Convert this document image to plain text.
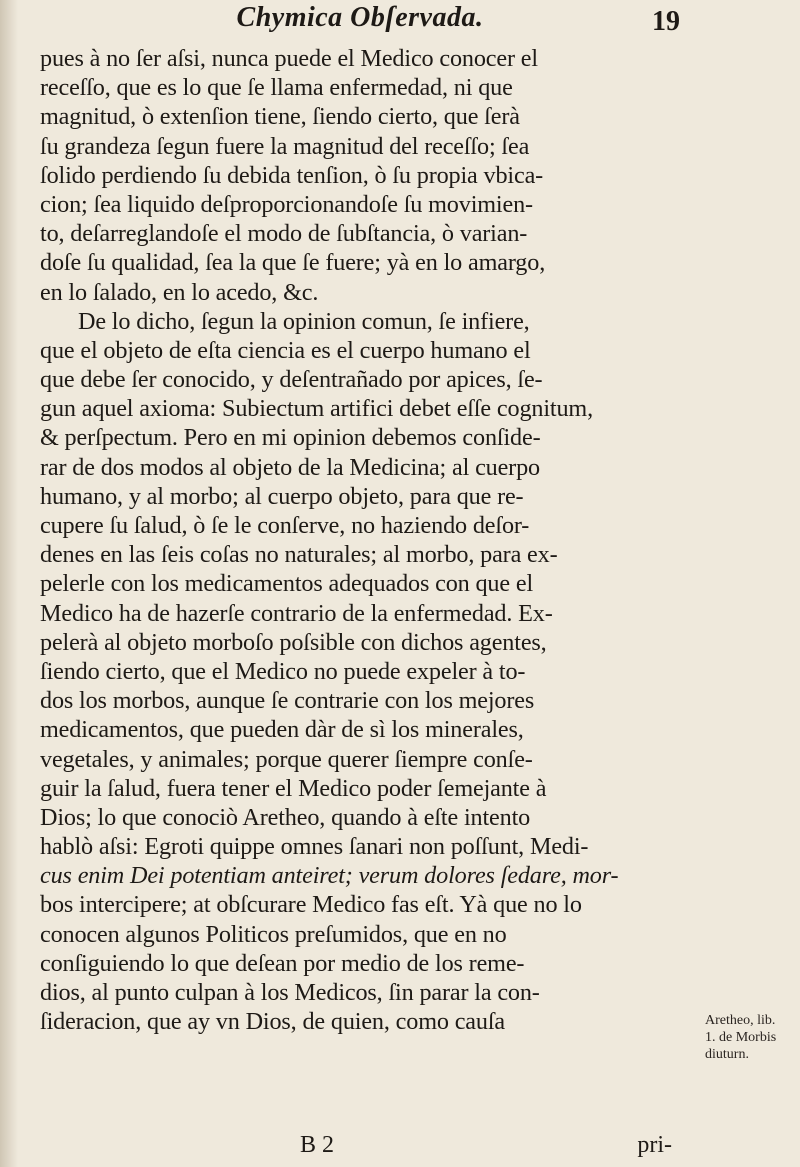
Chymica Obſervada.	19
pues à no ſer aſsi, nunca puede el Medico conocer el
receſſo, que es lo que ſe llama enfermedad, ni que
magnitud, ò extenſion tiene, ſiendo cierto, que ſerà
ſu grandeza ſegun fuere la magnitud del receſſo; ſea
ſolido perdiendo ſu debida tenſion, ò ſu propia vbica-
cion; ſea liquido deſproporcionandoſe ſu movimien-
to, deſarreglandoſe el modo de ſubſtancia, ò varian-
doſe ſu qualidad, ſea la que ſe fuere; yà en lo amargo,
en lo ſalado, en lo acedo, &c.
De lo dicho, ſegun la opinion comun, ſe infiere,
que el objeto de eſta ciencia es el cuerpo humano el
que debe ſer conocido, y deſentrañado por apices, ſe-
gun aquel axioma: Subiectum artifici debet eſſe cognitum,
& perſpectum. Pero en mi opinion debemos conſide-
rar de dos modos al objeto de la Medicina; al cuerpo
humano, y al morbo; al cuerpo objeto, para que re-
cupere ſu ſalud, ò ſe le conſerve, no haziendo deſor-
denes en las ſeis coſas no naturales; al morbo, para ex-
pelerle con los medicamentos adequados con que el
Medico ha de hazerſe contrario de la enfermedad. Ex-
pelerà al objeto morboſo poſsible con dichos agentes,
ſiendo cierto, que el Medico no puede expeler à to-
dos los morbos, aunque ſe contrarie con los mejores
medicamentos, que pueden dàr de sì los minerales,
vegetales, y animales; porque querer ſiempre conſe-
guir la ſalud, fuera tener el Medico poder ſemejante à
Dios; lo que conociò Aretheo, quando à eſte intento
hablò aſsi: Egroti quippe omnes ſanari non poſſunt, Medi-
cus enim Dei potentiam anteiret; verum dolores ſedare, mor-
bos intercipere; at obſcurare Medico fas eſt. Yà que no lo
conocen algunos Politicos preſumidos, que en no
conſiguiendo lo que deſean por medio de los reme-
dios, al punto culpan à los Medicos, ſin parar la con-
ſideracion, que ay vn Dios, de quien, como cauſa	Aretheo, lib.
1. de Morbis
diuturn.
B 2	pri-
